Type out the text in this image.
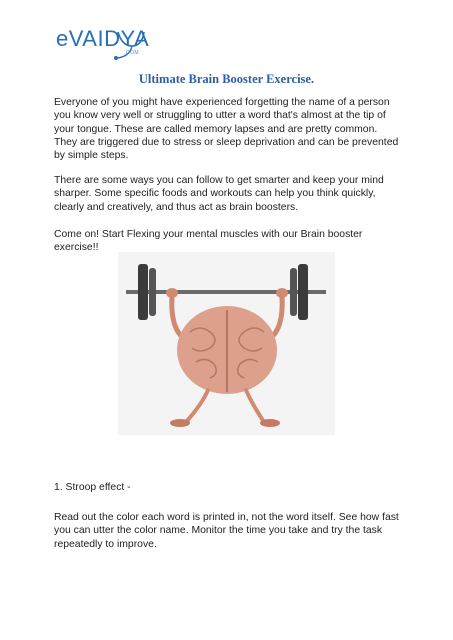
eVAIDYA
.COM
Ultimate Brain Booster Exercise.

Everyone of you might have experienced forgetting the name of a person you know very well or struggling to utter a word that's almost at the tip of your tongue. These are called memory lapses and are pretty common. They are triggered due to stress or sleep deprivation and can be prevented by simple steps.

There are some ways you can follow to get smarter and keep your mind sharper. Some specific foods and workouts can help you think quickly, clearly and creatively, and thus act as brain boosters.

Come on! Start Flexing your mental muscles with our Brain booster exercise!!

1. Stroop effect -

Read out the color each word is printed in, not the word itself. See how fast you can utter the color name. Monitor the time you take and try the task repeatedly to improve.
